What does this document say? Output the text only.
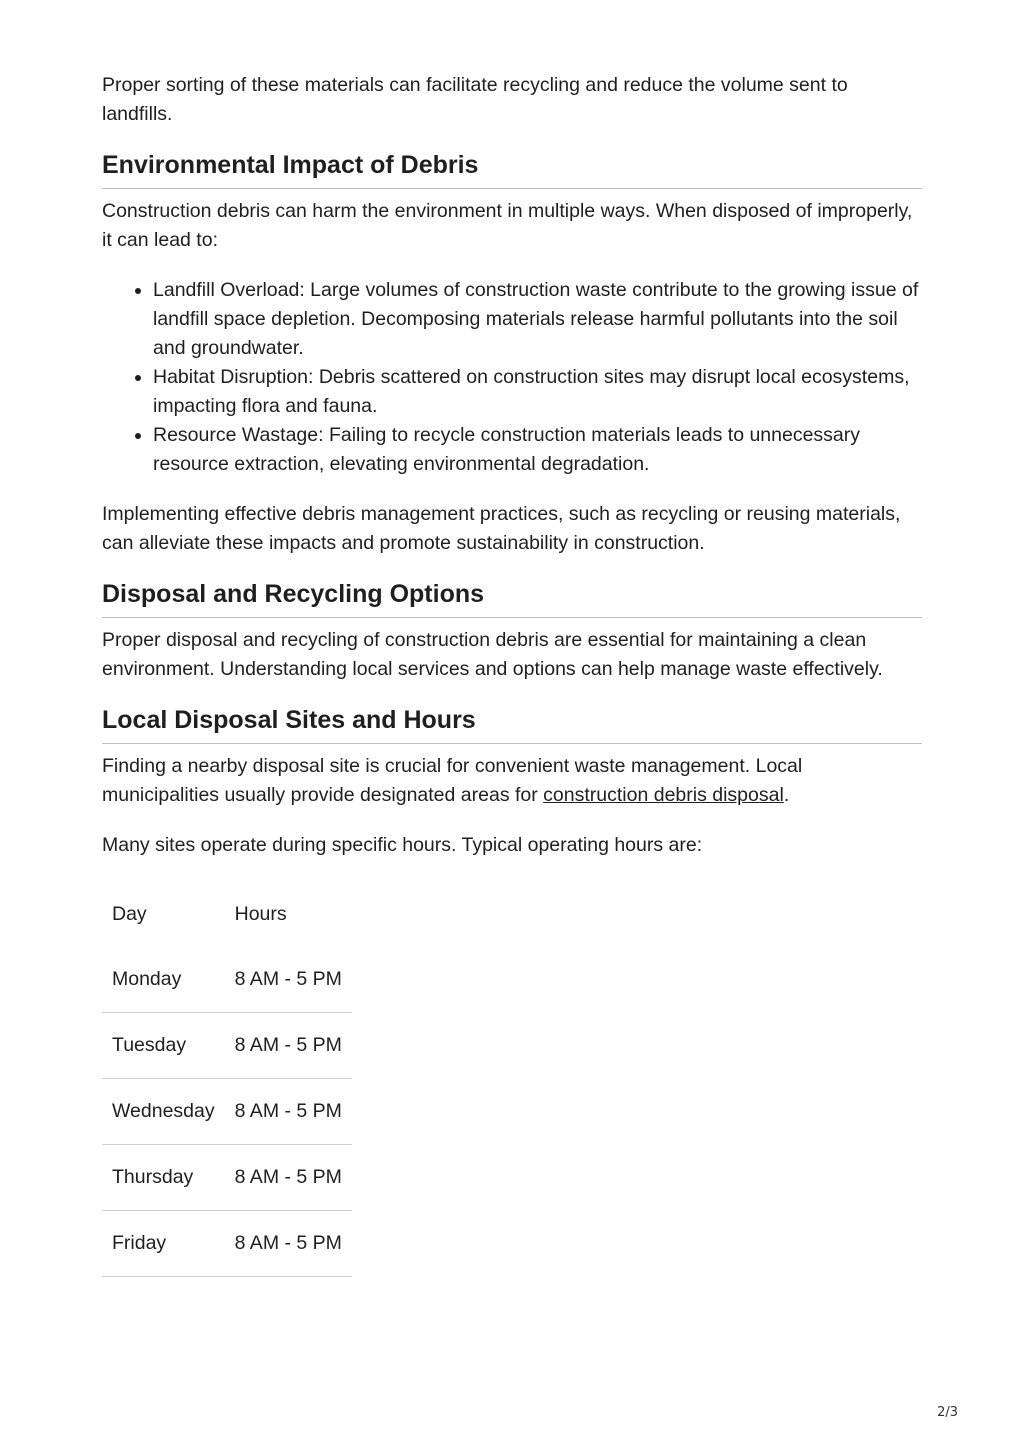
Proper sorting of these materials can facilitate recycling and reduce the volume sent to landfills.

Environmental Impact of Debris

Construction debris can harm the environment in multiple ways. When disposed of improperly, it can lead to:

• Landfill Overload: Large volumes of construction waste contribute to the growing issue of landfill space depletion. Decomposing materials release harmful pollutants into the soil and groundwater.
• Habitat Disruption: Debris scattered on construction sites may disrupt local ecosystems, impacting flora and fauna.
• Resource Wastage: Failing to recycle construction materials leads to unnecessary resource extraction, elevating environmental degradation.

Implementing effective debris management practices, such as recycling or reusing materials, can alleviate these impacts and promote sustainability in construction.

Disposal and Recycling Options

Proper disposal and recycling of construction debris are essential for maintaining a clean environment. Understanding local services and options can help manage waste effectively.

Local Disposal Sites and Hours

Finding a nearby disposal site is crucial for convenient waste management. Local municipalities usually provide designated areas for construction debris disposal.

Many sites operate during specific hours. Typical operating hours are:

Day	Hours
Monday	8 AM - 5 PM
Tuesday	8 AM - 5 PM
Wednesday	8 AM - 5 PM
Thursday	8 AM - 5 PM
Friday	8 AM - 5 PM
2/3
